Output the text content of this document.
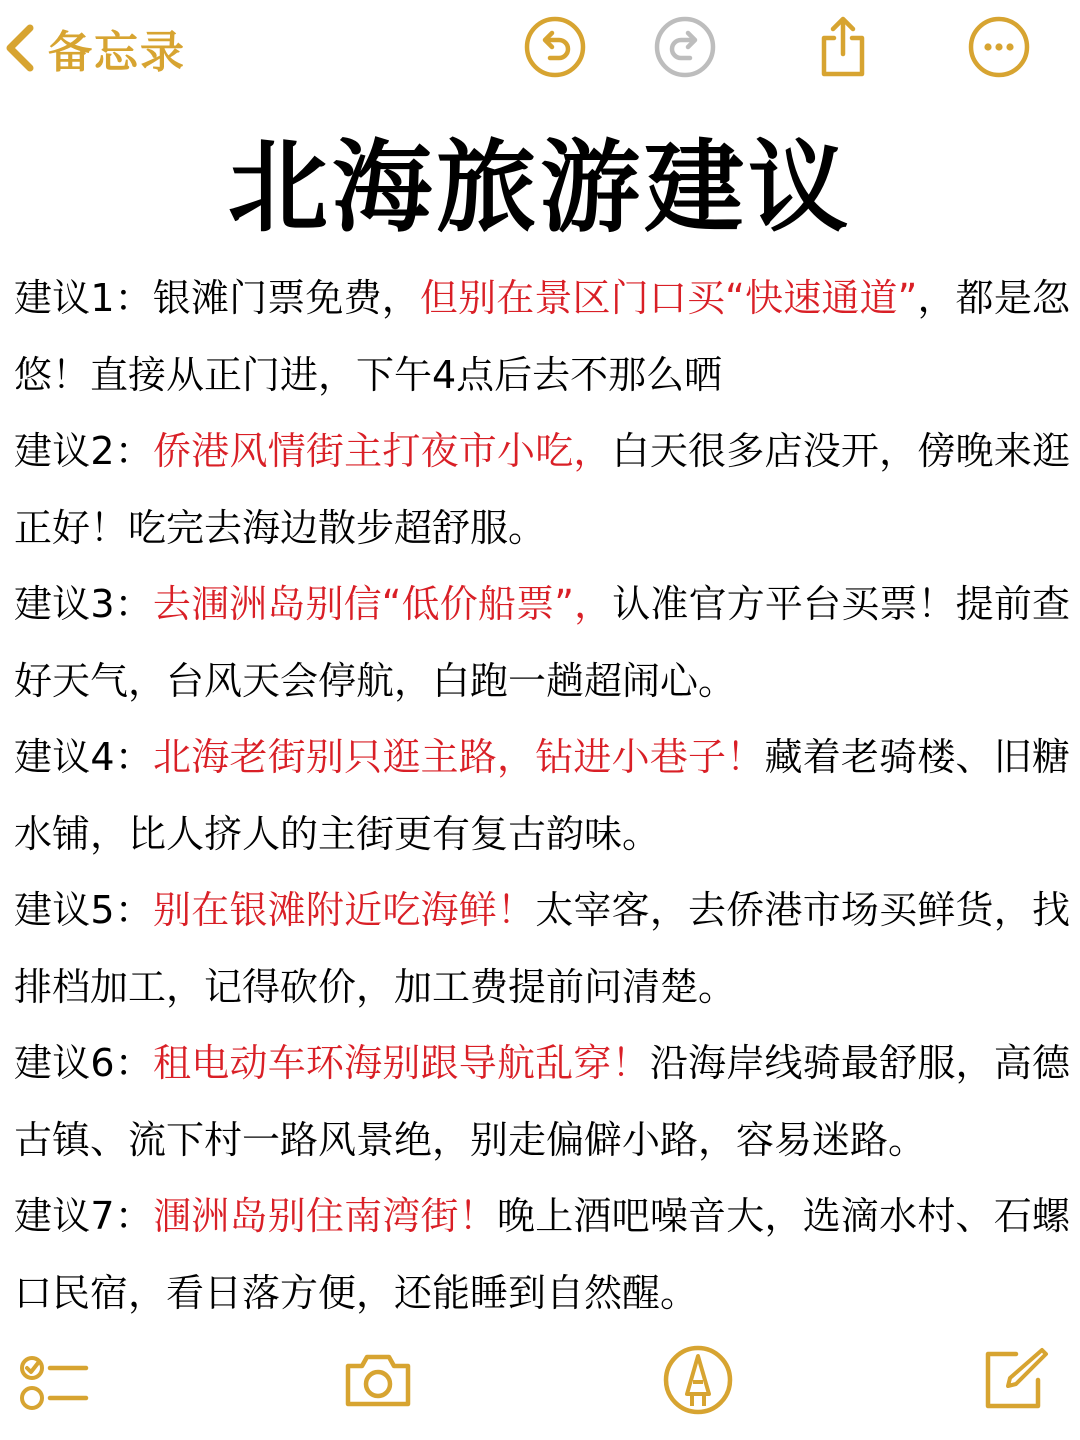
备忘录
北海旅游建议

建议1：银滩门票免费，但别在景区门口买“快速通道”，都是忽悠！直接从正门进，下午4点后去不那么晒

建议2：侨港风情街主打夜市小吃，白天很多店没开，傍晚来逛正好！吃完去海边散步超舒服。

建议3：去涠洲岛别信“低价船票”，认准官方平台买票！提前查好天气，台风天会停航，白跑一趟超闹心。

建议4：北海老街别只逛主路，钻进小巷子！藏着老骑楼、旧糖水铺，比人挤人的主街更有复古韵味。

建议5：别在银滩附近吃海鲜！太宰客，去侨港市场买鲜货，找排档加工，记得砍价，加工费提前问清楚。

建议6：租电动车环海别跟导航乱穿！沿海岸线骑最舒服，高德古镇、流下村一路风景绝，别走偏僻小路，容易迷路。

建议7：涠洲岛别住南湾街！晚上酒吧噪音大，选滴水村、石螺口民宿，看日落方便，还能睡到自然醒。
